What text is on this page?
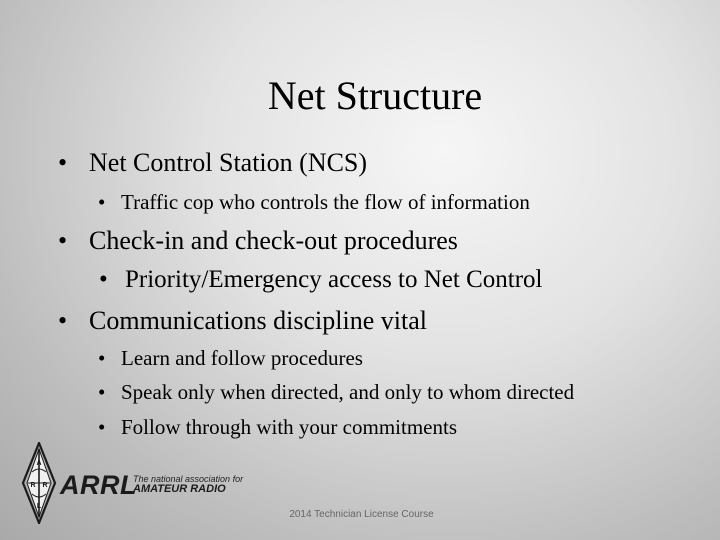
Net Structure
• Net Control Station (NCS)
• Traffic cop who controls the flow of information
• Check-in and check-out procedures
• Priority/Emergency access to Net Control
• Communications discipline vital
• Learn and follow procedures
• Speak only when directed, and only to whom directed
• Follow through with your commitments
A
R R
L
ARRL
The national association for
AMATEUR RADIO
2014 Technician License Course
